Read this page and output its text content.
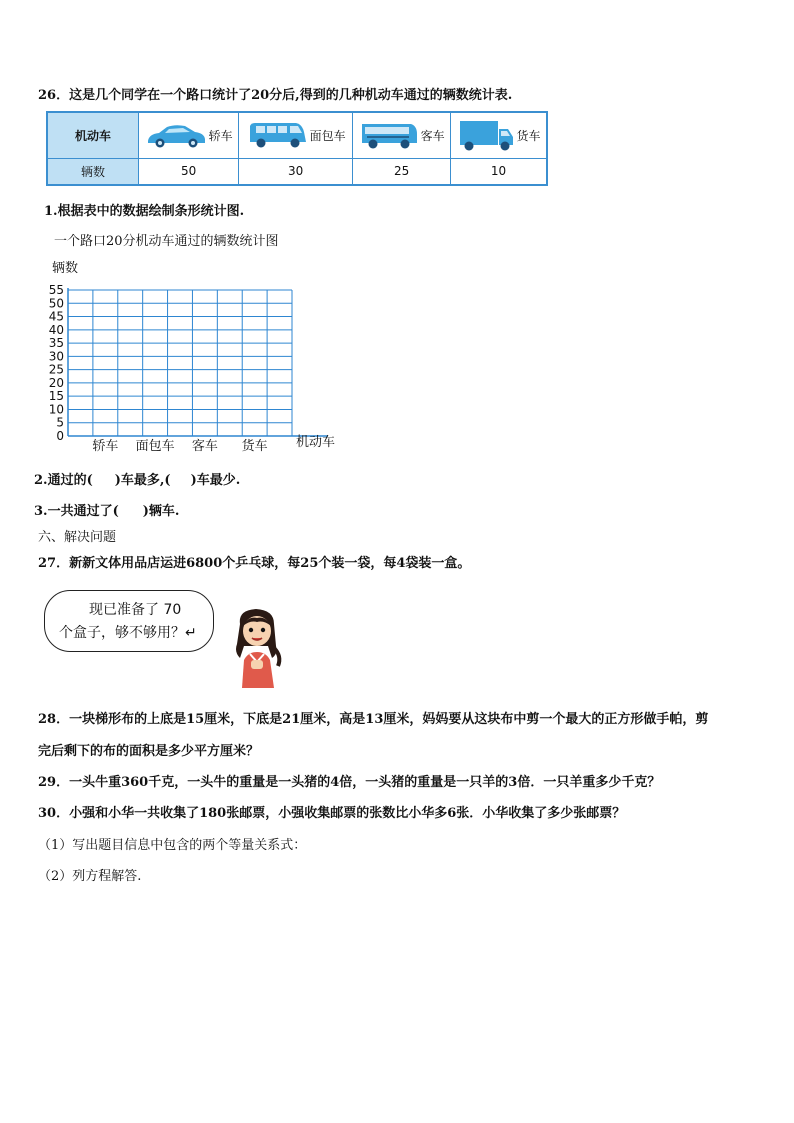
26．这是几个同学在一个路口统计了20分后,得到的几种机动车通过的辆数统计表.
机动车	轿车	面包车	客车	货车

辆数	50	30	25	10
1.根据表中的数据绘制条形统计图.
一个路口20分机动车通过的辆数统计图
0
5
10
15
20
25
30
35
40
45
50
55
辆数
轿车 面包车 客车 货车 机动车
2.通过的( )车最多,( )车最少.
3.一共通过了( )辆车.
六、解决问题
27．新新文体用品店运进6800个乒乓球，每25个装一袋，每4袋装一盒。
现已准备了 70
个盒子，够不够用？↵
28．一块梯形布的上底是15厘米，下底是21厘米，高是13厘米，妈妈要从这块布中剪一个最大的正方形做手帕，剪
完后剩下的布的面积是多少平方厘米？
29．一头牛重360千克，一头牛的重量是一头猪的4倍，一头猪的重量是一只羊的3倍．一只羊重多少千克？
30．小强和小华一共收集了180张邮票，小强收集邮票的张数比小华多6张．小华收集了多少张邮票？
（1）写出题目信息中包含的两个等量关系式：
（2）列方程解答.
